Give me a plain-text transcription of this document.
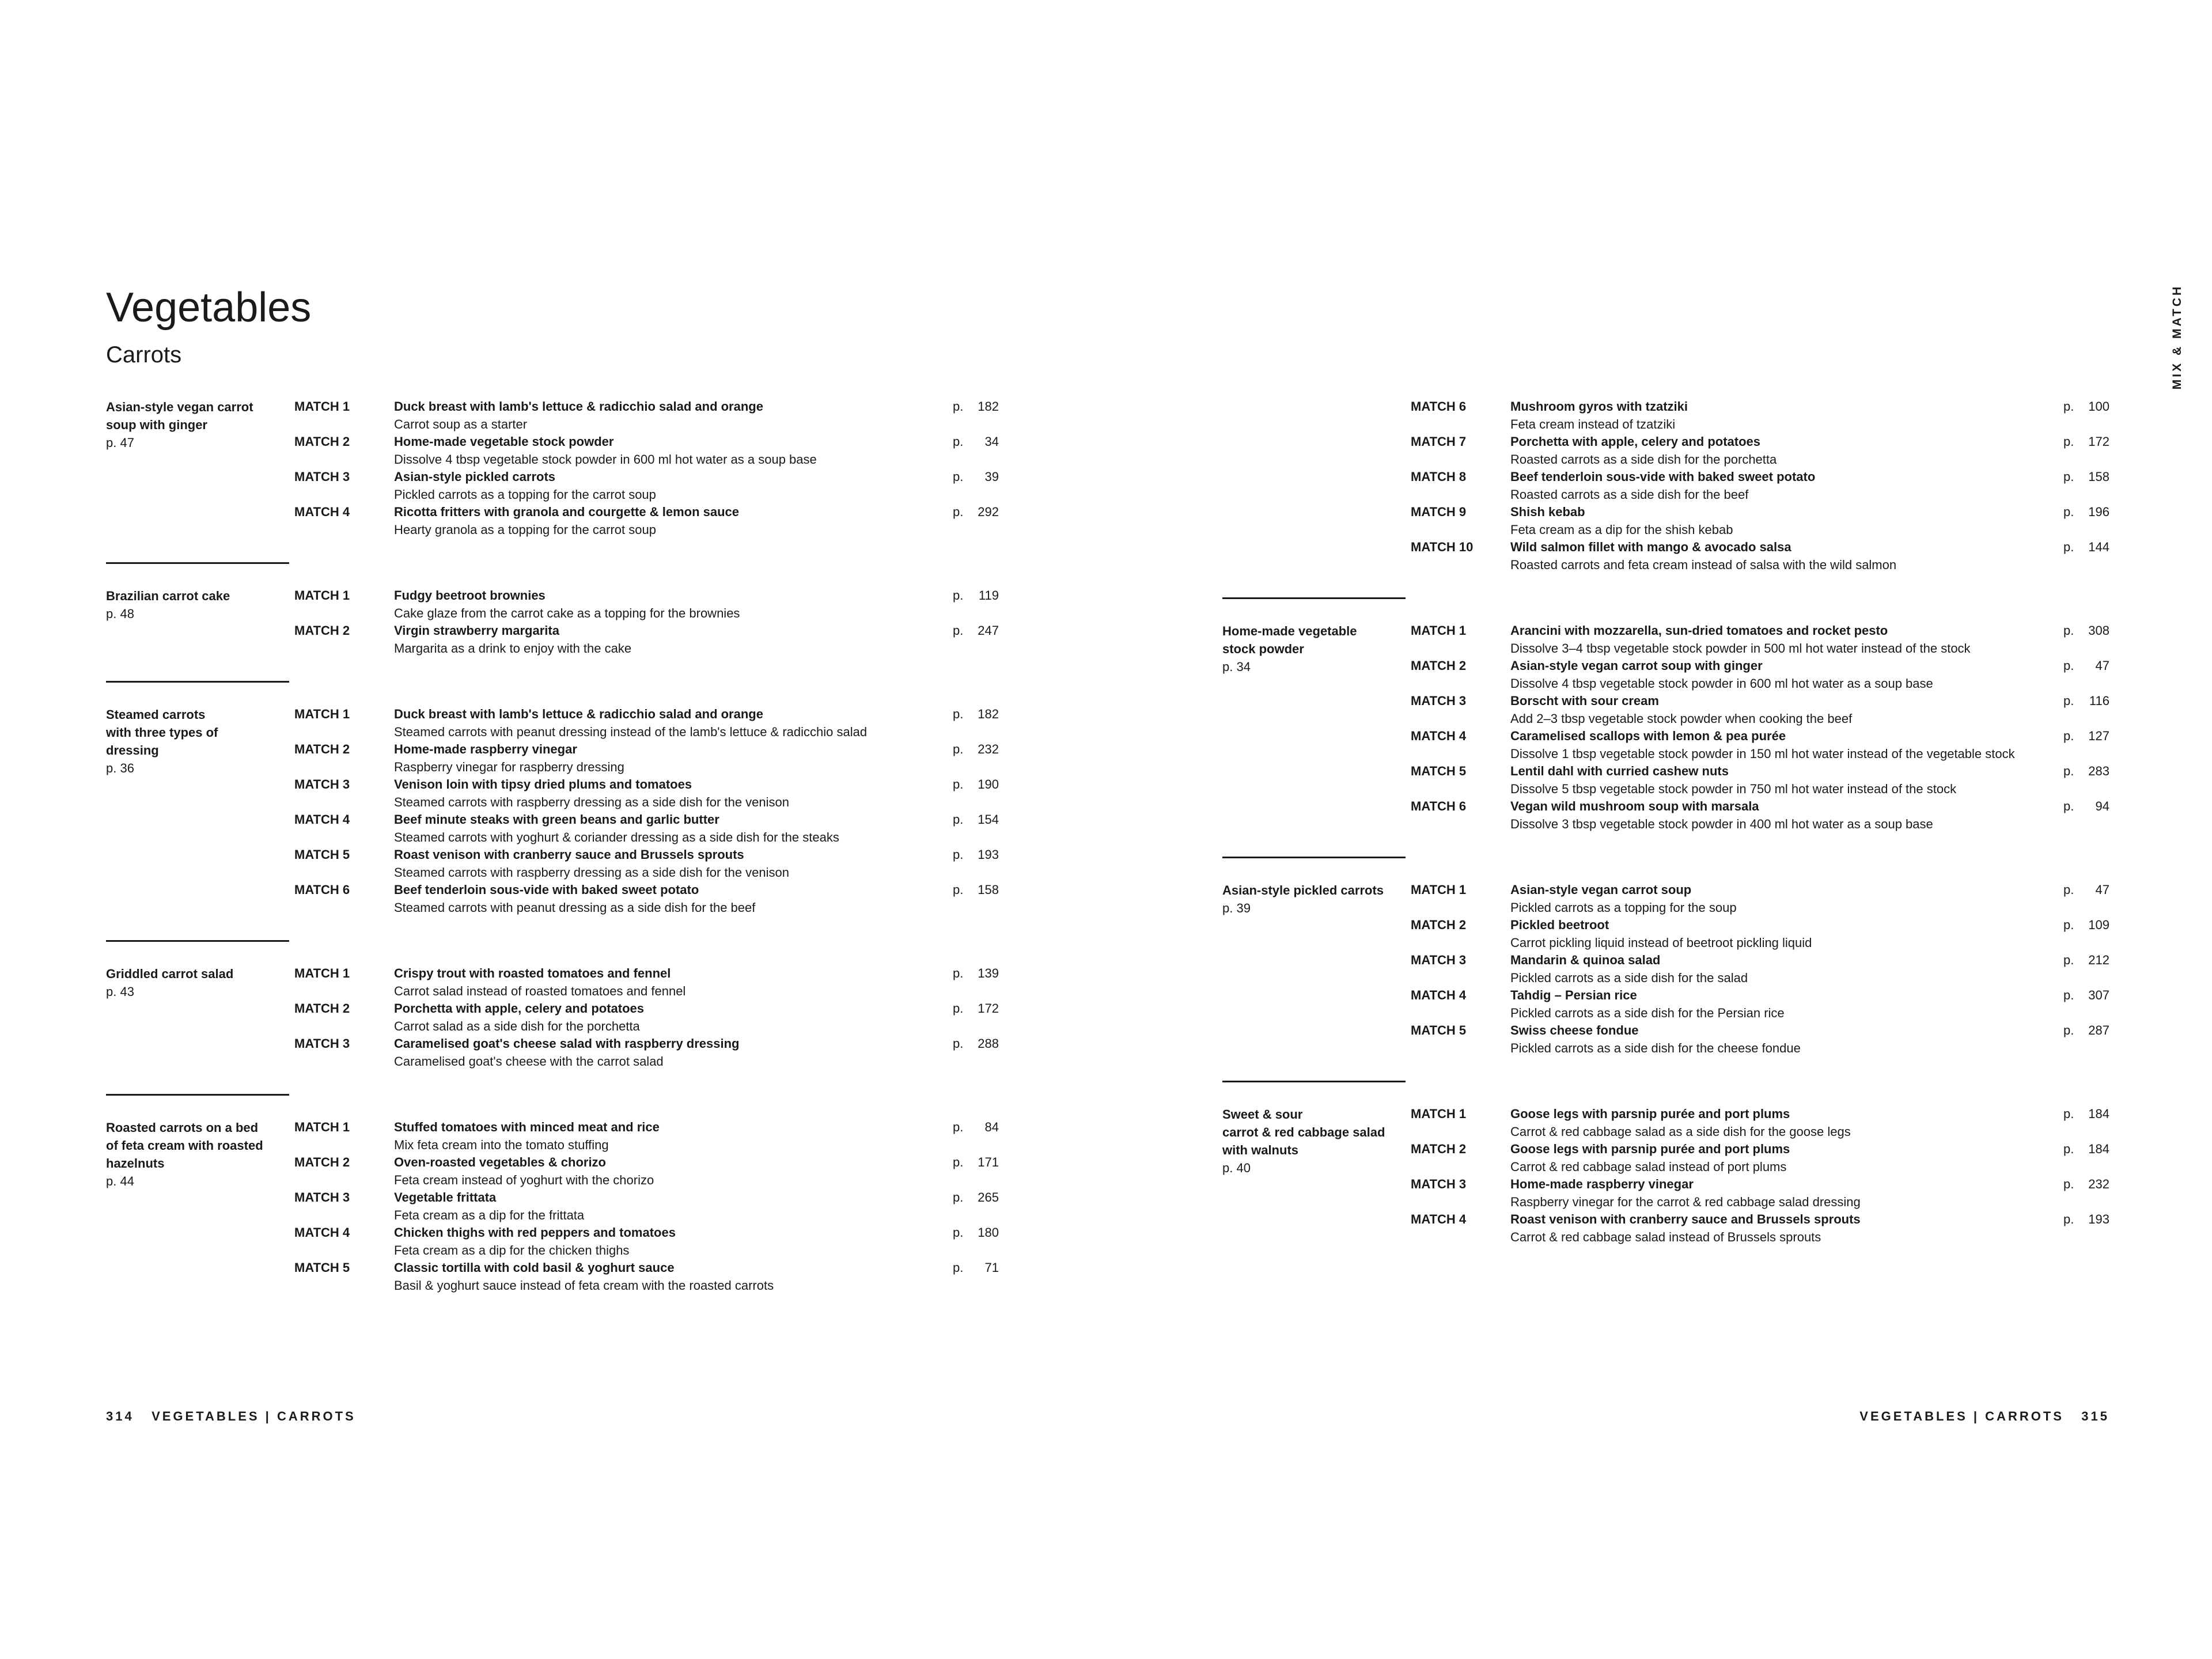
Vegetables
Carrots
Asian-style vegan carrot
soup with ginger
p. 47
MATCH 1	Duck breast with lamb's lettuce & radicchio salad and orange
Carrot soup as a starter
p.	182
MATCH 2	Home-made vegetable stock powder
Dissolve 4 tbsp vegetable stock powder in 600 ml hot water as a soup base
p.	34
MATCH 3	Asian-style pickled carrots
Pickled carrots as a topping for the carrot soup
p.	39
MATCH 4	Ricotta fritters with granola and courgette & lemon sauce
Hearty granola as a topping for the carrot soup
p.	292
Brazilian carrot cake
p. 48
MATCH 1	Fudgy beetroot brownies
Cake glaze from the carrot cake as a topping for the brownies
p.	119
MATCH 2	Virgin strawberry margarita
Margarita as a drink to enjoy with the cake
p.	247
Steamed carrots
with three types of
dressing
p. 36
MATCH 1	Duck breast with lamb's lettuce & radicchio salad and orange
Steamed carrots with peanut dressing instead of the lamb's lettuce & radicchio salad
p.	182
MATCH 2	Home-made raspberry vinegar
Raspberry vinegar for raspberry dressing
p.	232
MATCH 3	Venison loin with tipsy dried plums and tomatoes
Steamed carrots with raspberry dressing as a side dish for the venison
p.	190
MATCH 4	Beef minute steaks with green beans and garlic butter
Steamed carrots with yoghurt & coriander dressing as a side dish for the steaks
p.	154
MATCH 5	Roast venison with cranberry sauce and Brussels sprouts
Steamed carrots with raspberry dressing as a side dish for the venison
p.	193
MATCH 6	Beef tenderloin sous-vide with baked sweet potato
Steamed carrots with peanut dressing as a side dish for the beef
p.	158
Griddled carrot salad
p. 43
MATCH 1	Crispy trout with roasted tomatoes and fennel
Carrot salad instead of roasted tomatoes and fennel
p.	139
MATCH 2	Porchetta with apple, celery and potatoes
Carrot salad as a side dish for the porchetta
p.	172
MATCH 3	Caramelised goat's cheese salad with raspberry dressing
Caramelised goat's cheese with the carrot salad
p.	288
Roasted carrots on a bed
of feta cream with roasted
hazelnuts
p. 44
MATCH 1	Stuffed tomatoes with minced meat and rice
Mix feta cream into the tomato stuffing
p.	84
MATCH 2	Oven-roasted vegetables & chorizo
Feta cream instead of yoghurt with the chorizo
p.	171
MATCH 3	Vegetable frittata
Feta cream as a dip for the frittata
p.	265
MATCH 4	Chicken thighs with red peppers and tomatoes
Feta cream as a dip for the chicken thighs
p.	180
MATCH 5	Classic tortilla with cold basil & yoghurt sauce
Basil & yoghurt sauce instead of feta cream with the roasted carrots
p.	71
314 VEGETABLES | CARROTS
MIX & MATCH
MATCH 6	Mushroom gyros with tzatziki
Feta cream instead of tzatziki
p.	100
MATCH 7	Porchetta with apple, celery and potatoes
Roasted carrots as a side dish for the porchetta
p.	172
MATCH 8	Beef tenderloin sous-vide with baked sweet potato
Roasted carrots as a side dish for the beef
p.	158
MATCH 9	Shish kebab
Feta cream as a dip for the shish kebab
p.	196
MATCH 10	Wild salmon fillet with mango & avocado salsa
Roasted carrots and feta cream instead of salsa with the wild salmon
p.	144
Home-made vegetable
stock powder
p. 34
MATCH 1	Arancini with mozzarella, sun-dried tomatoes and rocket pesto
Dissolve 3–4 tbsp vegetable stock powder in 500 ml hot water instead of the stock
p.	308
MATCH 2	Asian-style vegan carrot soup with ginger
Dissolve 4 tbsp vegetable stock powder in 600 ml hot water as a soup base
p.	47
MATCH 3	Borscht with sour cream
Add 2–3 tbsp vegetable stock powder when cooking the beef
p.	116
MATCH 4	Caramelised scallops with lemon & pea purée
Dissolve 1 tbsp vegetable stock powder in 150 ml hot water instead of the vegetable stock
p.	127
MATCH 5	Lentil dahl with curried cashew nuts
Dissolve 5 tbsp vegetable stock powder in 750 ml hot water instead of the stock
p.	283
MATCH 6	Vegan wild mushroom soup with marsala
Dissolve 3 tbsp vegetable stock powder in 400 ml hot water as a soup base
p.	94
Asian-style pickled carrots
p. 39
MATCH 1	Asian-style vegan carrot soup
Pickled carrots as a topping for the soup
p.	47
MATCH 2	Pickled beetroot
Carrot pickling liquid instead of beetroot pickling liquid
p.	109
MATCH 3	Mandarin & quinoa salad
Pickled carrots as a side dish for the salad
p.	212
MATCH 4	Tahdig – Persian rice
Pickled carrots as a side dish for the Persian rice
p.	307
MATCH 5	Swiss cheese fondue
Pickled carrots as a side dish for the cheese fondue
p.	287
Sweet & sour
carrot & red cabbage salad
with walnuts
p. 40
MATCH 1	Goose legs with parsnip purée and port plums
Carrot & red cabbage salad as a side dish for the goose legs
p.	184
MATCH 2	Goose legs with parsnip purée and port plums
Carrot & red cabbage salad instead of port plums
p.	184
MATCH 3	Home-made raspberry vinegar
Raspberry vinegar for the carrot & red cabbage salad dressing
p.	232
MATCH 4	Roast venison with cranberry sauce and Brussels sprouts
Carrot & red cabbage salad instead of Brussels sprouts
p.	193
VEGETABLES | CARROTS 315
